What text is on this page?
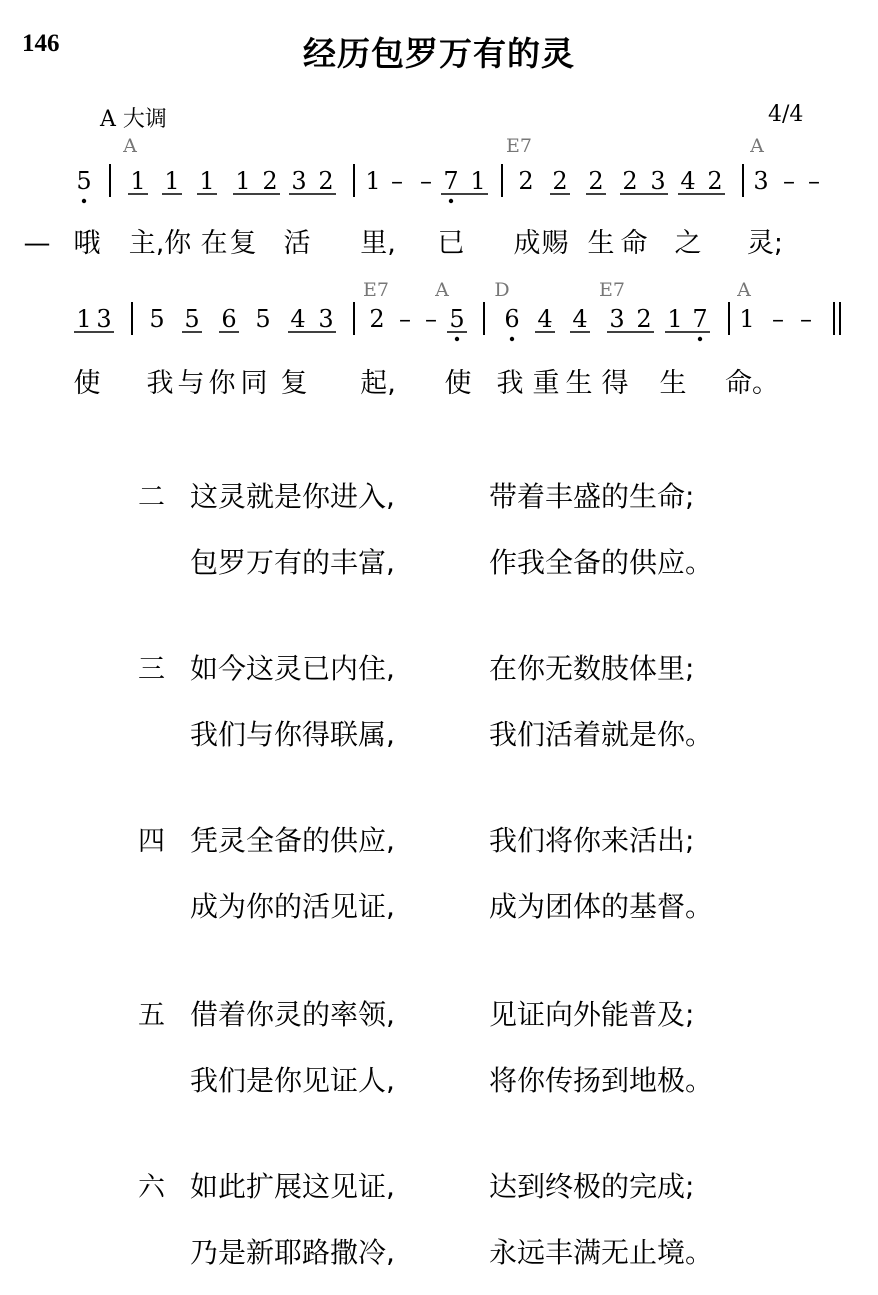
146	经历包罗万有的灵
A 大调	4/4
5 1 1 1 1 2 3 2 1 – – 7 1 2 2 2 2 3 4 2 3 – –
A	E7	A
— 哦 主,你 在 复 活 里, 已 成 赐 生 命 之 灵;
1 3 5 5 6 5 4 3 2 – – 5 6 4 4 3 2 1 7 1 – –
E7 A D	E7	A
使 我 与 你 同 复 起, 使 我 重 生 得 生 命。
二 这灵就是你进入,	带着丰盛的生命;
包罗万有的丰富,	作我全备的供应。
三 如今这灵已内住,	在你无数肢体里;
我们与你得联属,	我们活着就是你。
四 凭灵全备的供应,	我们将你来活出;
成为你的活见证,	成为团体的基督。
五 借着你灵的率领,	见证向外能普及;
我们是你见证人,	将你传扬到地极。
六 如此扩展这见证,	达到终极的完成;
乃是新耶路撒冷,	永远丰满无止境。
